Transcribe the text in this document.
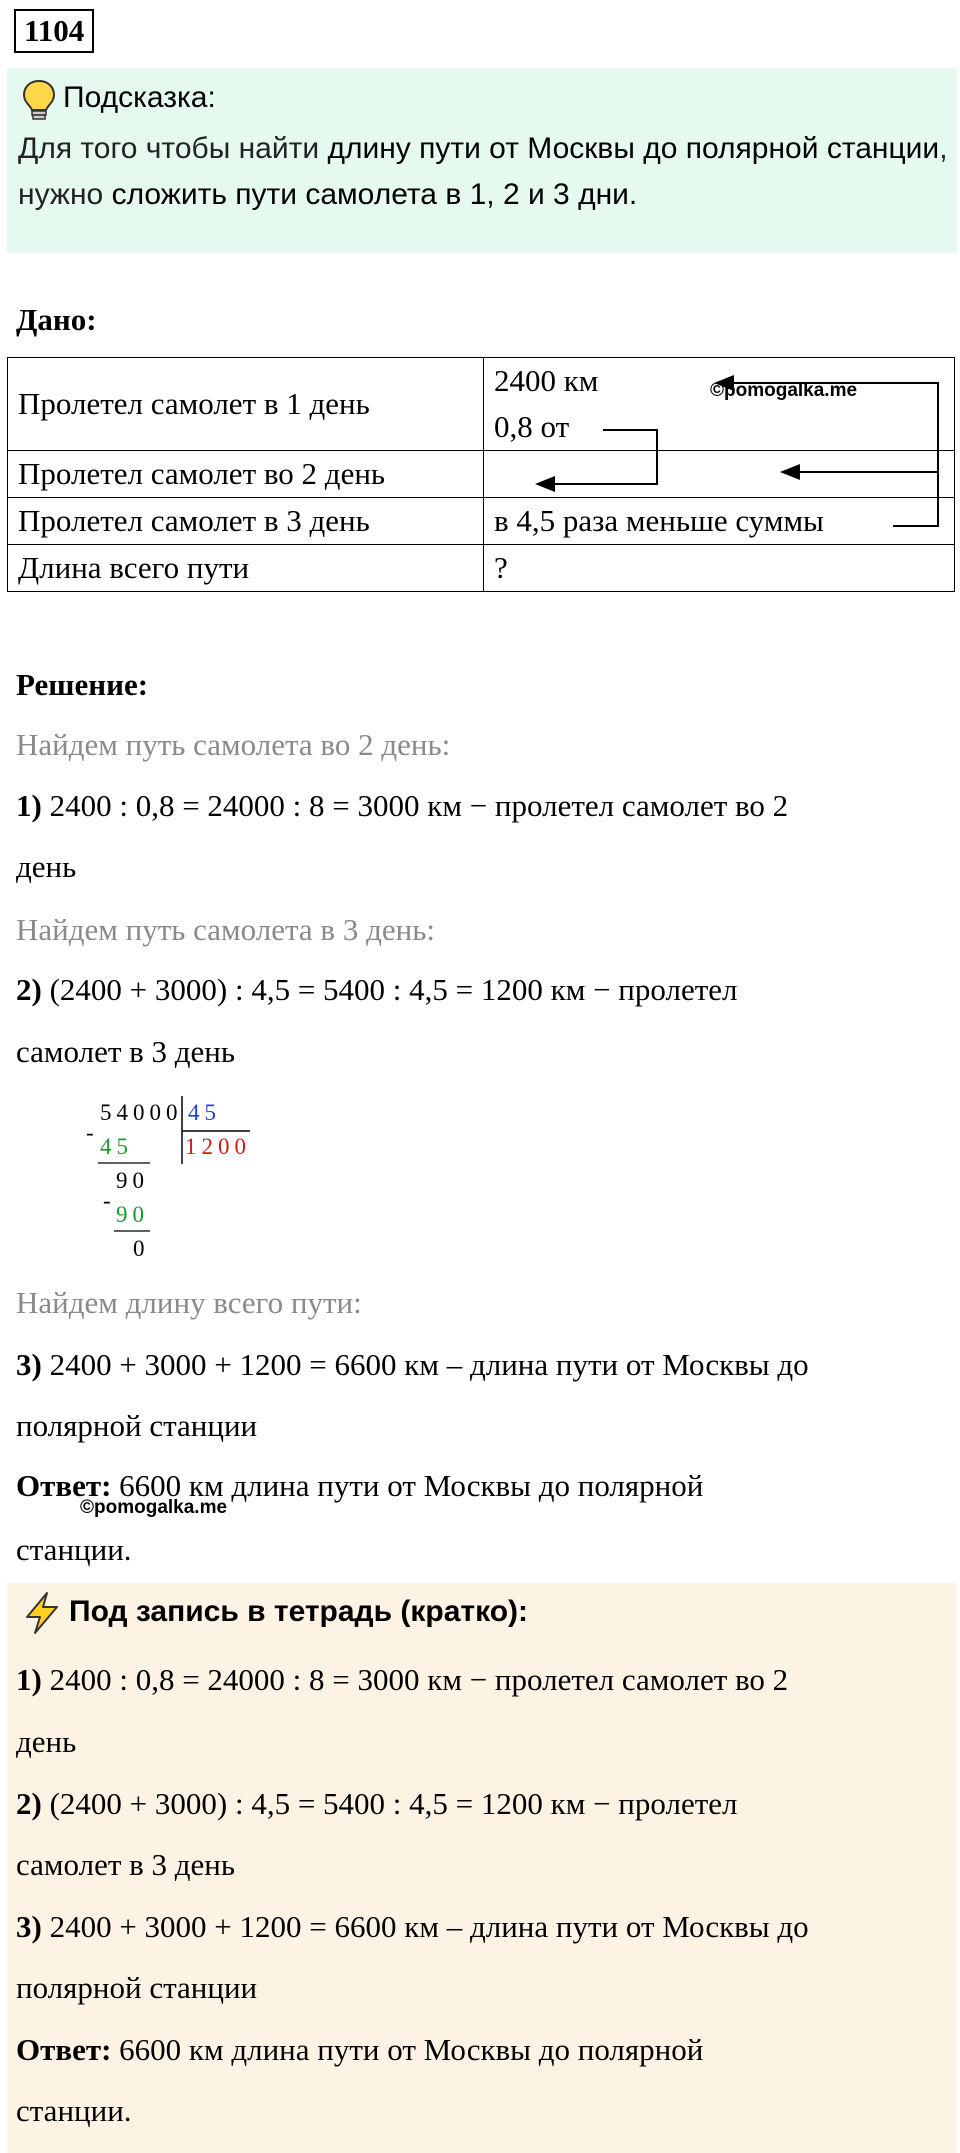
1104
Подсказка:
Для того чтобы найти длину пути от Москвы до полярной станции, нужно сложить пути самолета в 1, 2 и 3 дни.
Дано:
Пролетел самолет в 1 день	2400 км
0,8 от

Пролетел самолет во 2 день	
Пролетел самолет в 3 день	в 4,5 раза меньше суммы
Длина всего пути	?
©pomogalka.me
Решение:
Найдем путь самолета во 2 день:
1) 2400 : 0,8 = 24000 : 8 = 3000 км − пролетел самолет во 2
день
Найдем путь самолета в 3 день:
2) (2400 + 3000) : 4,5 = 5400 : 4,5 = 1200 км − пролетел
самолет в 3 день
54000 45
-
45 1200
90
-
90
0
Найдем длину всего пути:
3) 2400 + 3000 + 1200 = 6600 км – длина пути от Москвы до
полярной станции
Ответ: 6600 км длина пути от Москвы до полярной
©pomogalka.me
станции.
Под запись в тетрадь (кратко):
1) 2400 : 0,8 = 24000 : 8 = 3000 км − пролетел самолет во 2
день
2) (2400 + 3000) : 4,5 = 5400 : 4,5 = 1200 км − пролетел
самолет в 3 день
3) 2400 + 3000 + 1200 = 6600 км – длина пути от Москвы до
полярной станции
Ответ: 6600 км длина пути от Москвы до полярной
станции.
